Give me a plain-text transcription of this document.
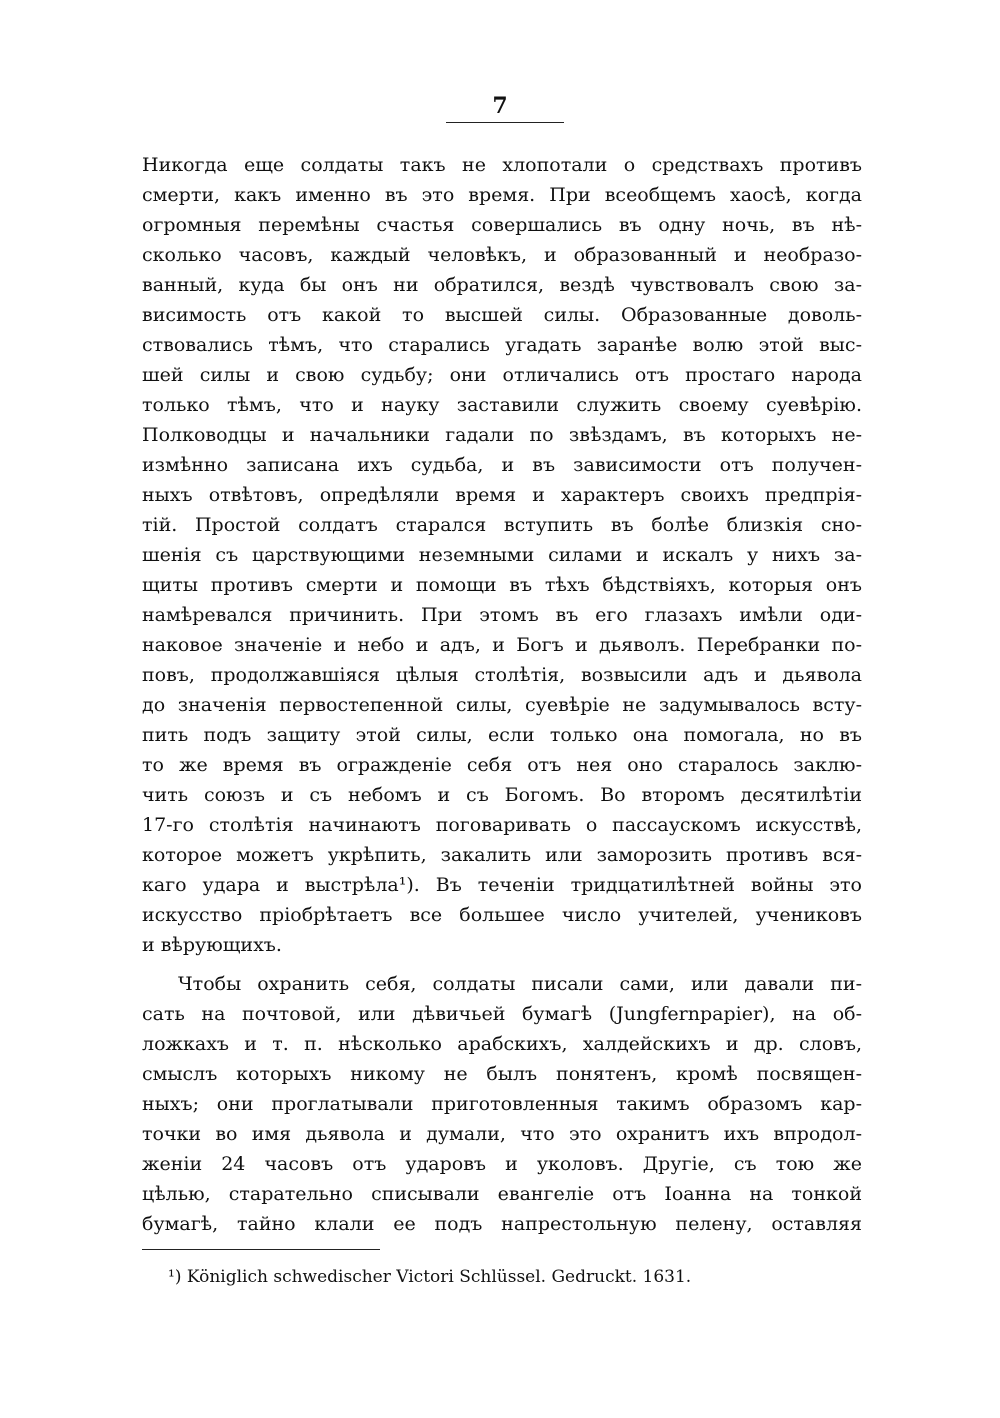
7
Никогда еще солдаты такъ не хлопотали о средствахъ противъ
смерти, какъ именно въ это время. При всеобщемъ хаосѣ, когда
огромныя перемѣны счастья совершались въ одну ночь, въ нѣ-
сколько часовъ, каждый человѣкъ, и образованный и необразо-
ванный, куда бы онъ ни обратился, вездѣ чувствовалъ свою за-
висимость отъ какой то высшей силы. Образованные доволь-
ствовались тѣмъ, что старались угадать заранѣе волю этой выс-
шей силы и свою судьбу; они отличались отъ простаго народа
только тѣмъ, что и науку заставили служить своему суевѣрію.
Полководцы и начальники гадали по звѣздамъ, въ которыхъ не-
измѣнно записана ихъ судьба, и въ зависимости отъ получен-
ныхъ отвѣтовъ, опредѣляли время и характеръ своихъ предпрія-
тій. Простой солдатъ старался вступить въ болѣе близкія сно-
шенія съ царствующими неземными силами и искалъ у нихъ за-
щиты противъ смерти и помощи въ тѣхъ бѣдствіяхъ, которыя онъ
намѣревался причинить. При этомъ въ его глазахъ имѣли оди-
наковое значеніе и небо и адъ, и Богъ и дьяволъ. Перебранки по-
повъ, продолжавшіяся цѣлыя столѣтія, возвысили адъ и дьявола
до значенія первостепенной силы, суевѣріе не задумывалось всту-
пить подъ защиту этой силы, если только она помогала, но въ
то же время въ огражденіе себя отъ нея оно старалось заклю-
чить союзъ и съ небомъ и съ Богомъ. Во второмъ десятилѣтіи
17-го столѣтія начинаютъ поговаривать о пассаускомъ искусствѣ,
которое можетъ укрѣпить, закалить или заморозить противъ вся-
каго удара и выстрѣла¹). Въ теченіи тридцатилѣтней войны это
искусство пріобрѣтаетъ все большее число учителей, учениковъ
и вѣрующихъ.
Чтобы охранить себя, солдаты писали сами, или давали пи-
сать на почтовой, или дѣвичьей бумагѣ (Jungfernpapier), на об-
ложкахъ и т. п. нѣсколько арабскихъ, халдейскихъ и др. словъ,
смыслъ которыхъ никому не былъ понятенъ, кромѣ посвящен-
ныхъ; они проглатывали приготовленныя такимъ образомъ кар-
точки во имя дьявола и думали, что это охранитъ ихъ впродол-
женіи 24 часовъ отъ ударовъ и уколовъ. Другіе, съ тою же
цѣлью, старательно списывали евангеліе отъ Іоанна на тонкой
бумагѣ, тайно клали ее подъ напрестольную пелену, оставляя
¹) Königlich schwedischer Victori Schlüssel. Gedruckt. 1631.
